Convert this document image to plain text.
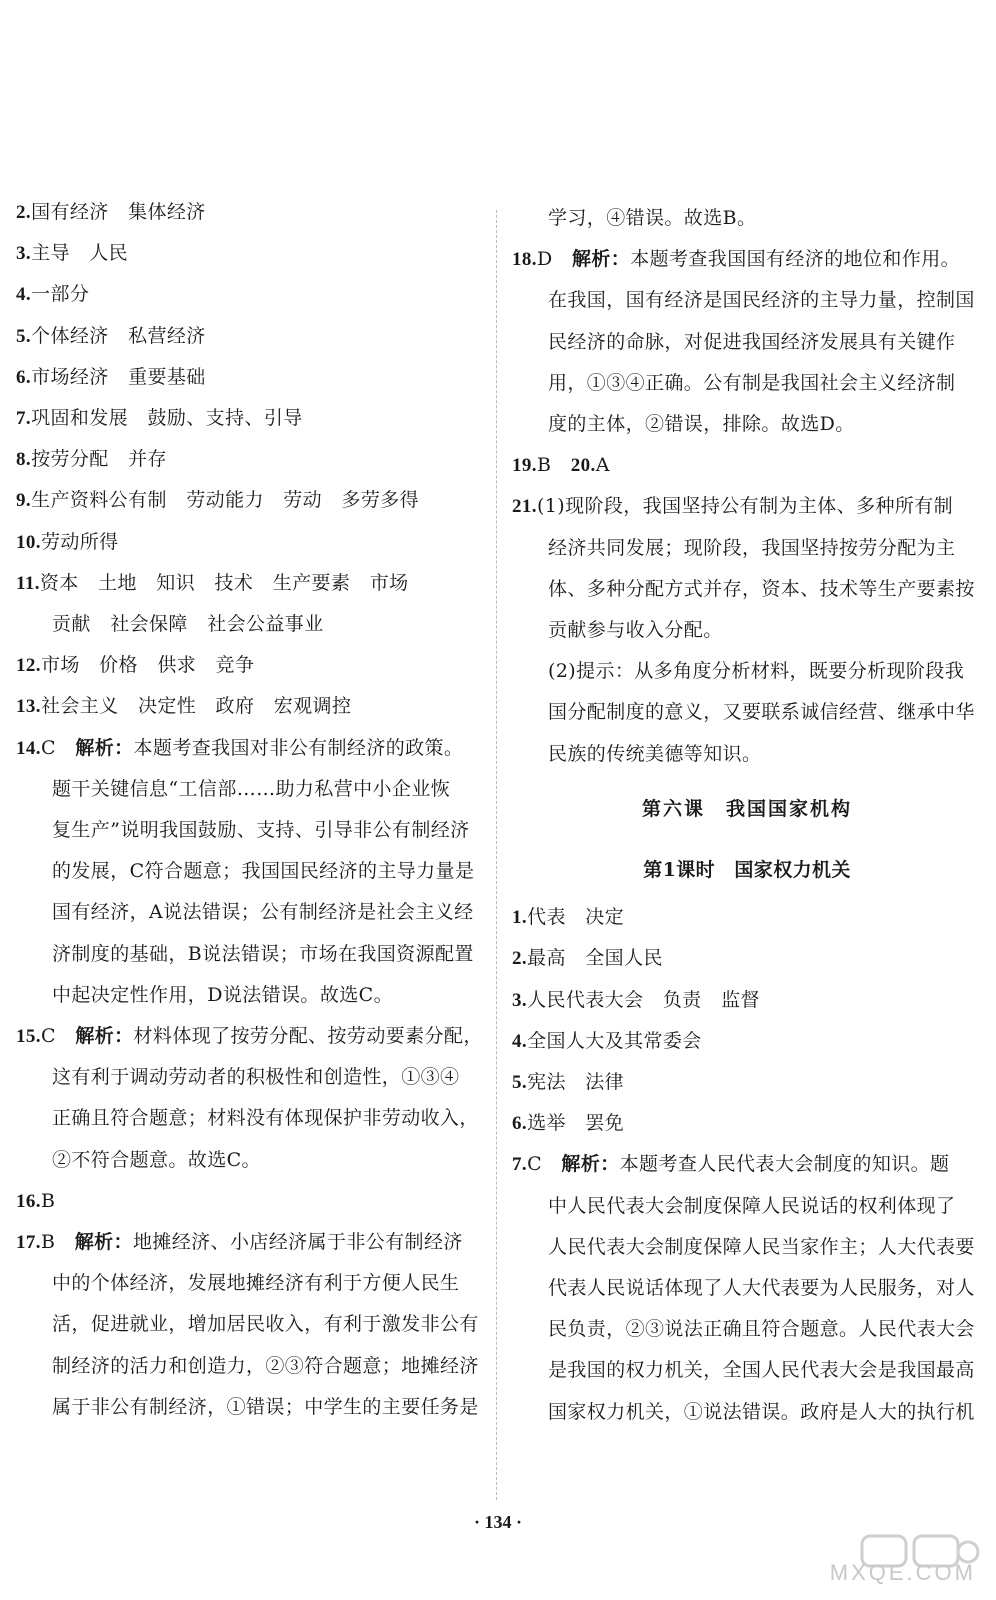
2.国有经济　集体经济
3.主导　人民
4.一部分
5.个体经济　私营经济
6.市场经济　重要基础
7.巩固和发展　鼓励、支持、引导
8.按劳分配　并存
9.生产资料公有制　劳动能力　劳动　多劳多得
10.劳动所得
11.资本　土地　知识　技术　生产要素　市场
贡献　社会保障　社会公益事业
12.市场　价格　供求　竞争
13.社会主义　决定性　政府　宏观调控
14.C  解析：本题考查我国对非公有制经济的政策。
题干关键信息“工信部……助力私营中小企业恢
复生产”说明我国鼓励、支持、引导非公有制经济
的发展，C符合题意；我国国民经济的主导力量是
国有经济，A说法错误；公有制经济是社会主义经
济制度的基础，B说法错误；市场在我国资源配置
中起决定性作用，D说法错误。故选C。
15.C  解析：材料体现了按劳分配、按劳动要素分配，
这有利于调动劳动者的积极性和创造性，①③④
正确且符合题意；材料没有体现保护非劳动收入，
②不符合题意。故选C。
16.B 
17.B  解析：地摊经济、小店经济属于非公有制经济
中的个体经济，发展地摊经济有利于方便人民生
活，促进就业，增加居民收入，有利于激发非公有
制经济的活力和创造力，②③符合题意；地摊经济
属于非公有制经济，①错误；中学生的主要任务是
学习，④错误。故选B。
18.D  解析：本题考查我国国有经济的地位和作用。
在我国，国有经济是国民经济的主导力量，控制国
民经济的命脉，对促进我国经济发展具有关键作
用，①③④正确。公有制是我国社会主义经济制
度的主体，②错误，排除。故选D。
19.B  20.A
21.(1)现阶段，我国坚持公有制为主体、多种所有制
经济共同发展；现阶段，我国坚持按劳分配为主
体、多种分配方式并存，资本、技术等生产要素按
贡献参与收入分配。
(2)提示：从多角度分析材料，既要分析现阶段我
国分配制度的意义，又要联系诚信经营、继承中华
民族的传统美德等知识。
第六课　我国国家机构
第1课时　国家权力机关
1.代表　决定
2.最高　全国人民
3.人民代表大会　负责　监督
4.全国人大及其常委会
5.宪法　法律
6.选举　罢免
7.C  解析：本题考查人民代表大会制度的知识。题
中人民代表大会制度保障人民说话的权利体现了
人民代表大会制度保障人民当家作主；人大代表要
代表人民说话体现了人大代表要为人民服务，对人
民负责，②③说法正确且符合题意。人民代表大会
是我国的权力机关，全国人民代表大会是我国最高
国家权力机关，①说法错误。政府是人大的执行机
· 134 ·
MXQE.COM
